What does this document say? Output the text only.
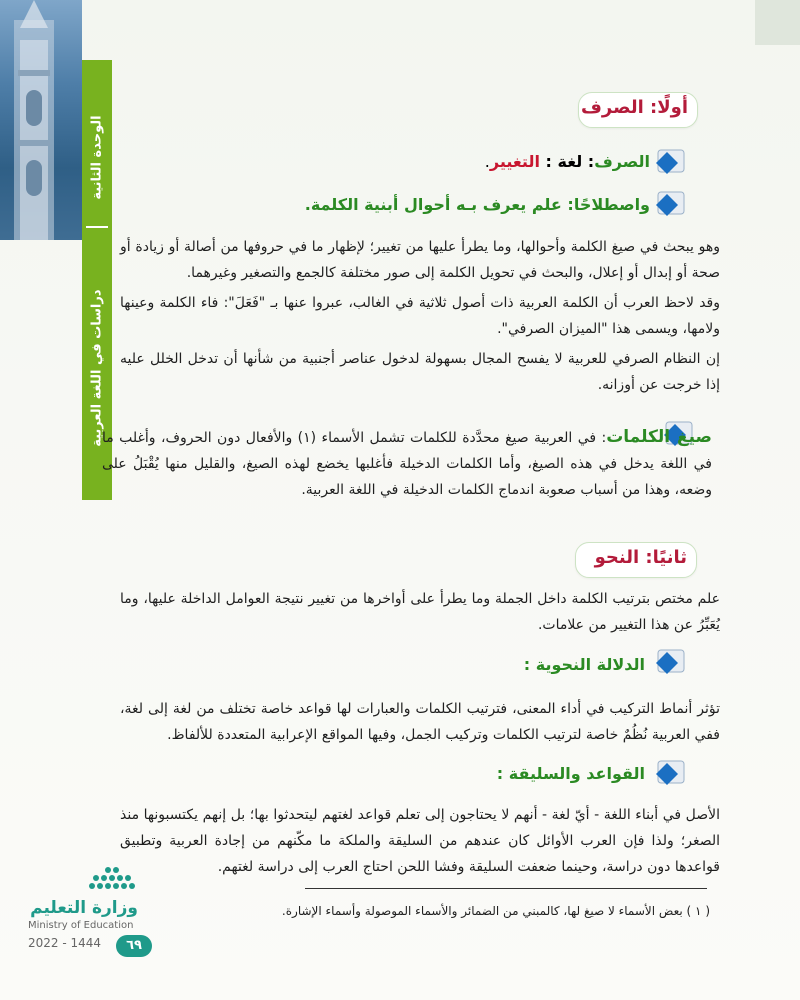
الوحدة الثانية
دراسات في اللغة العربية
أولًا: الصرف
الصرف: لغة : التغيير.
واصطلاحًا: علم يعرف بـه أحوال أبنية الكلمة.
وهو يبحث في صيغ الكلمة وأحوالها، وما يطرأ عليها من تغيير؛ لإظهار ما في حروفها من أصالة أو زيادة أو صحة أو إبدال أو إعلال، والبحث في تحويل الكلمة إلى صور مختلفة كالجمع والتصغير وغيرهما.
وقد لاحظ العرب أن الكلمة العربية ذات أصول ثلاثية في الغالب، عبروا عنها بـ "فَعَلَ": فاء الكلمة وعينها ولامها، ويسمى هذا "الميزان الصرفي".
إن النظام الصرفي للعربية لا يفسح المجال بسهولة لدخول عناصر أجنبية من شأنها أن تدخل الخلل عليه إذا خرجت عن أوزانه.
صيغ الكلمات: في العربية صيغ محدَّدة للكلمات تشمل الأسماء (١) والأفعال دون الحروف، وأغلب ما في اللغة يدخل في هذه الصيغ، وأما الكلمات الدخيلة فأغلبها يخضع لهذه الصيغ، والقليل منها يُقْبَلُ على وضعه، وهذا من أسباب صعوبة اندماج الكلمات الدخيلة في اللغة العربية.
ثانيًا: النحو
علم مختص بترتيب الكلمة داخل الجملة وما يطرأ على أواخرها من تغيير نتيجة العوامل الداخلة عليها، وما يُعَبِّرُ عن هذا التغيير من علامات.
الدلالة النحوية :
تؤثر أنماط التركيب في أداء المعنى، فترتيب الكلمات والعبارات لها قواعد خاصة تختلف من لغة إلى لغة، ففي العربية نُظُمٌ خاصة لترتيب الكلمات وتركيب الجمل، وفيها المواقع الإعرابية المتعددة للألفاظ.
القواعد والسليقة :
الأصل في أبناء اللغة - أيّ لغة - أنهم لا يحتاجون إلى تعلم قواعد لغتهم ليتحدثوا بها؛ بل إنهم يكتسبونها منذ الصغر؛ ولذا فإن العرب الأوائل كان عندهم من السليقة والملكة ما مكّنهم من إجادة العربية وتطبيق قواعدها دون دراسة، وحينما ضعفت السليقة وفشا اللحن احتاج العرب إلى دراسة لغتهم.
( ١ ) بعض الأسماء لا صيغ لها، كالمبني من الضمائر والأسماء الموصولة وأسماء الإشارة.
وزارة التعليم
Ministry of Education
2022 - 1444	٦٩
